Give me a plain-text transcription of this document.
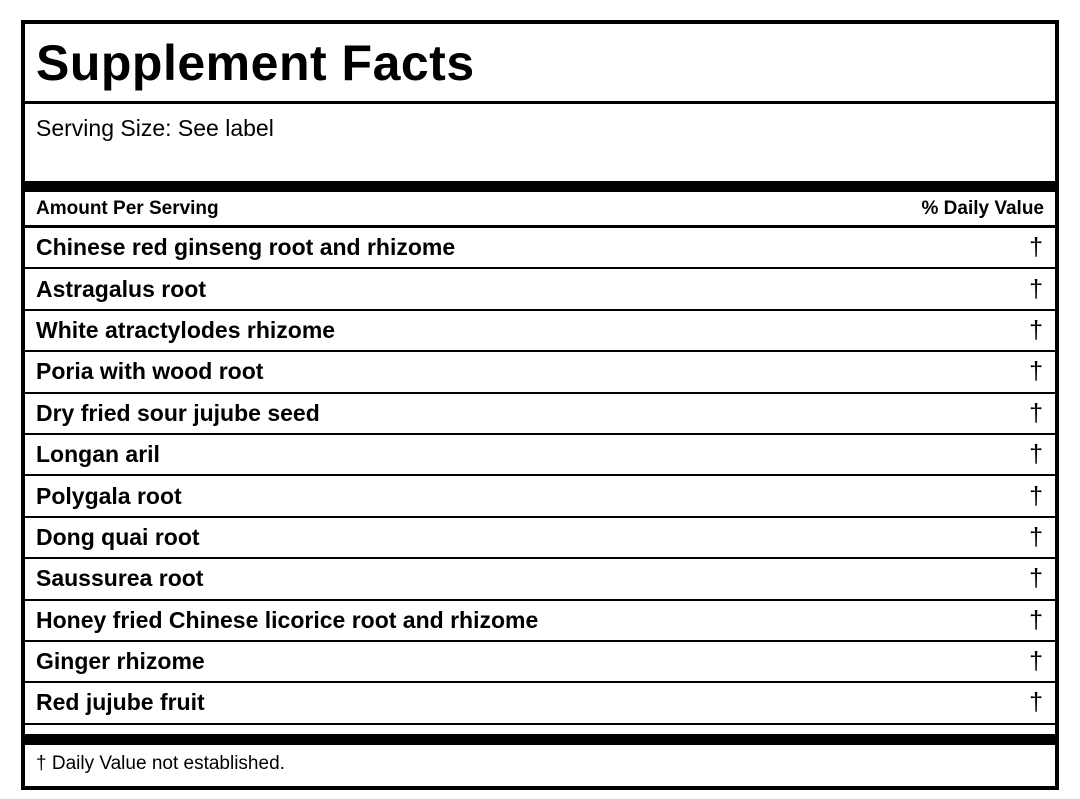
Supplement Facts
Serving Size: See label
Amount Per Serving	% Daily Value
Chinese red ginseng root and rhizome	†
Astragalus root	†
White atractylodes rhizome	†
Poria with wood root	†
Dry fried sour jujube seed	†
Longan aril	†
Polygala root	†
Dong quai root	†
Saussurea root	†
Honey fried Chinese licorice root and rhizome	†
Ginger rhizome	†
Red jujube fruit	†
† Daily Value not established.
